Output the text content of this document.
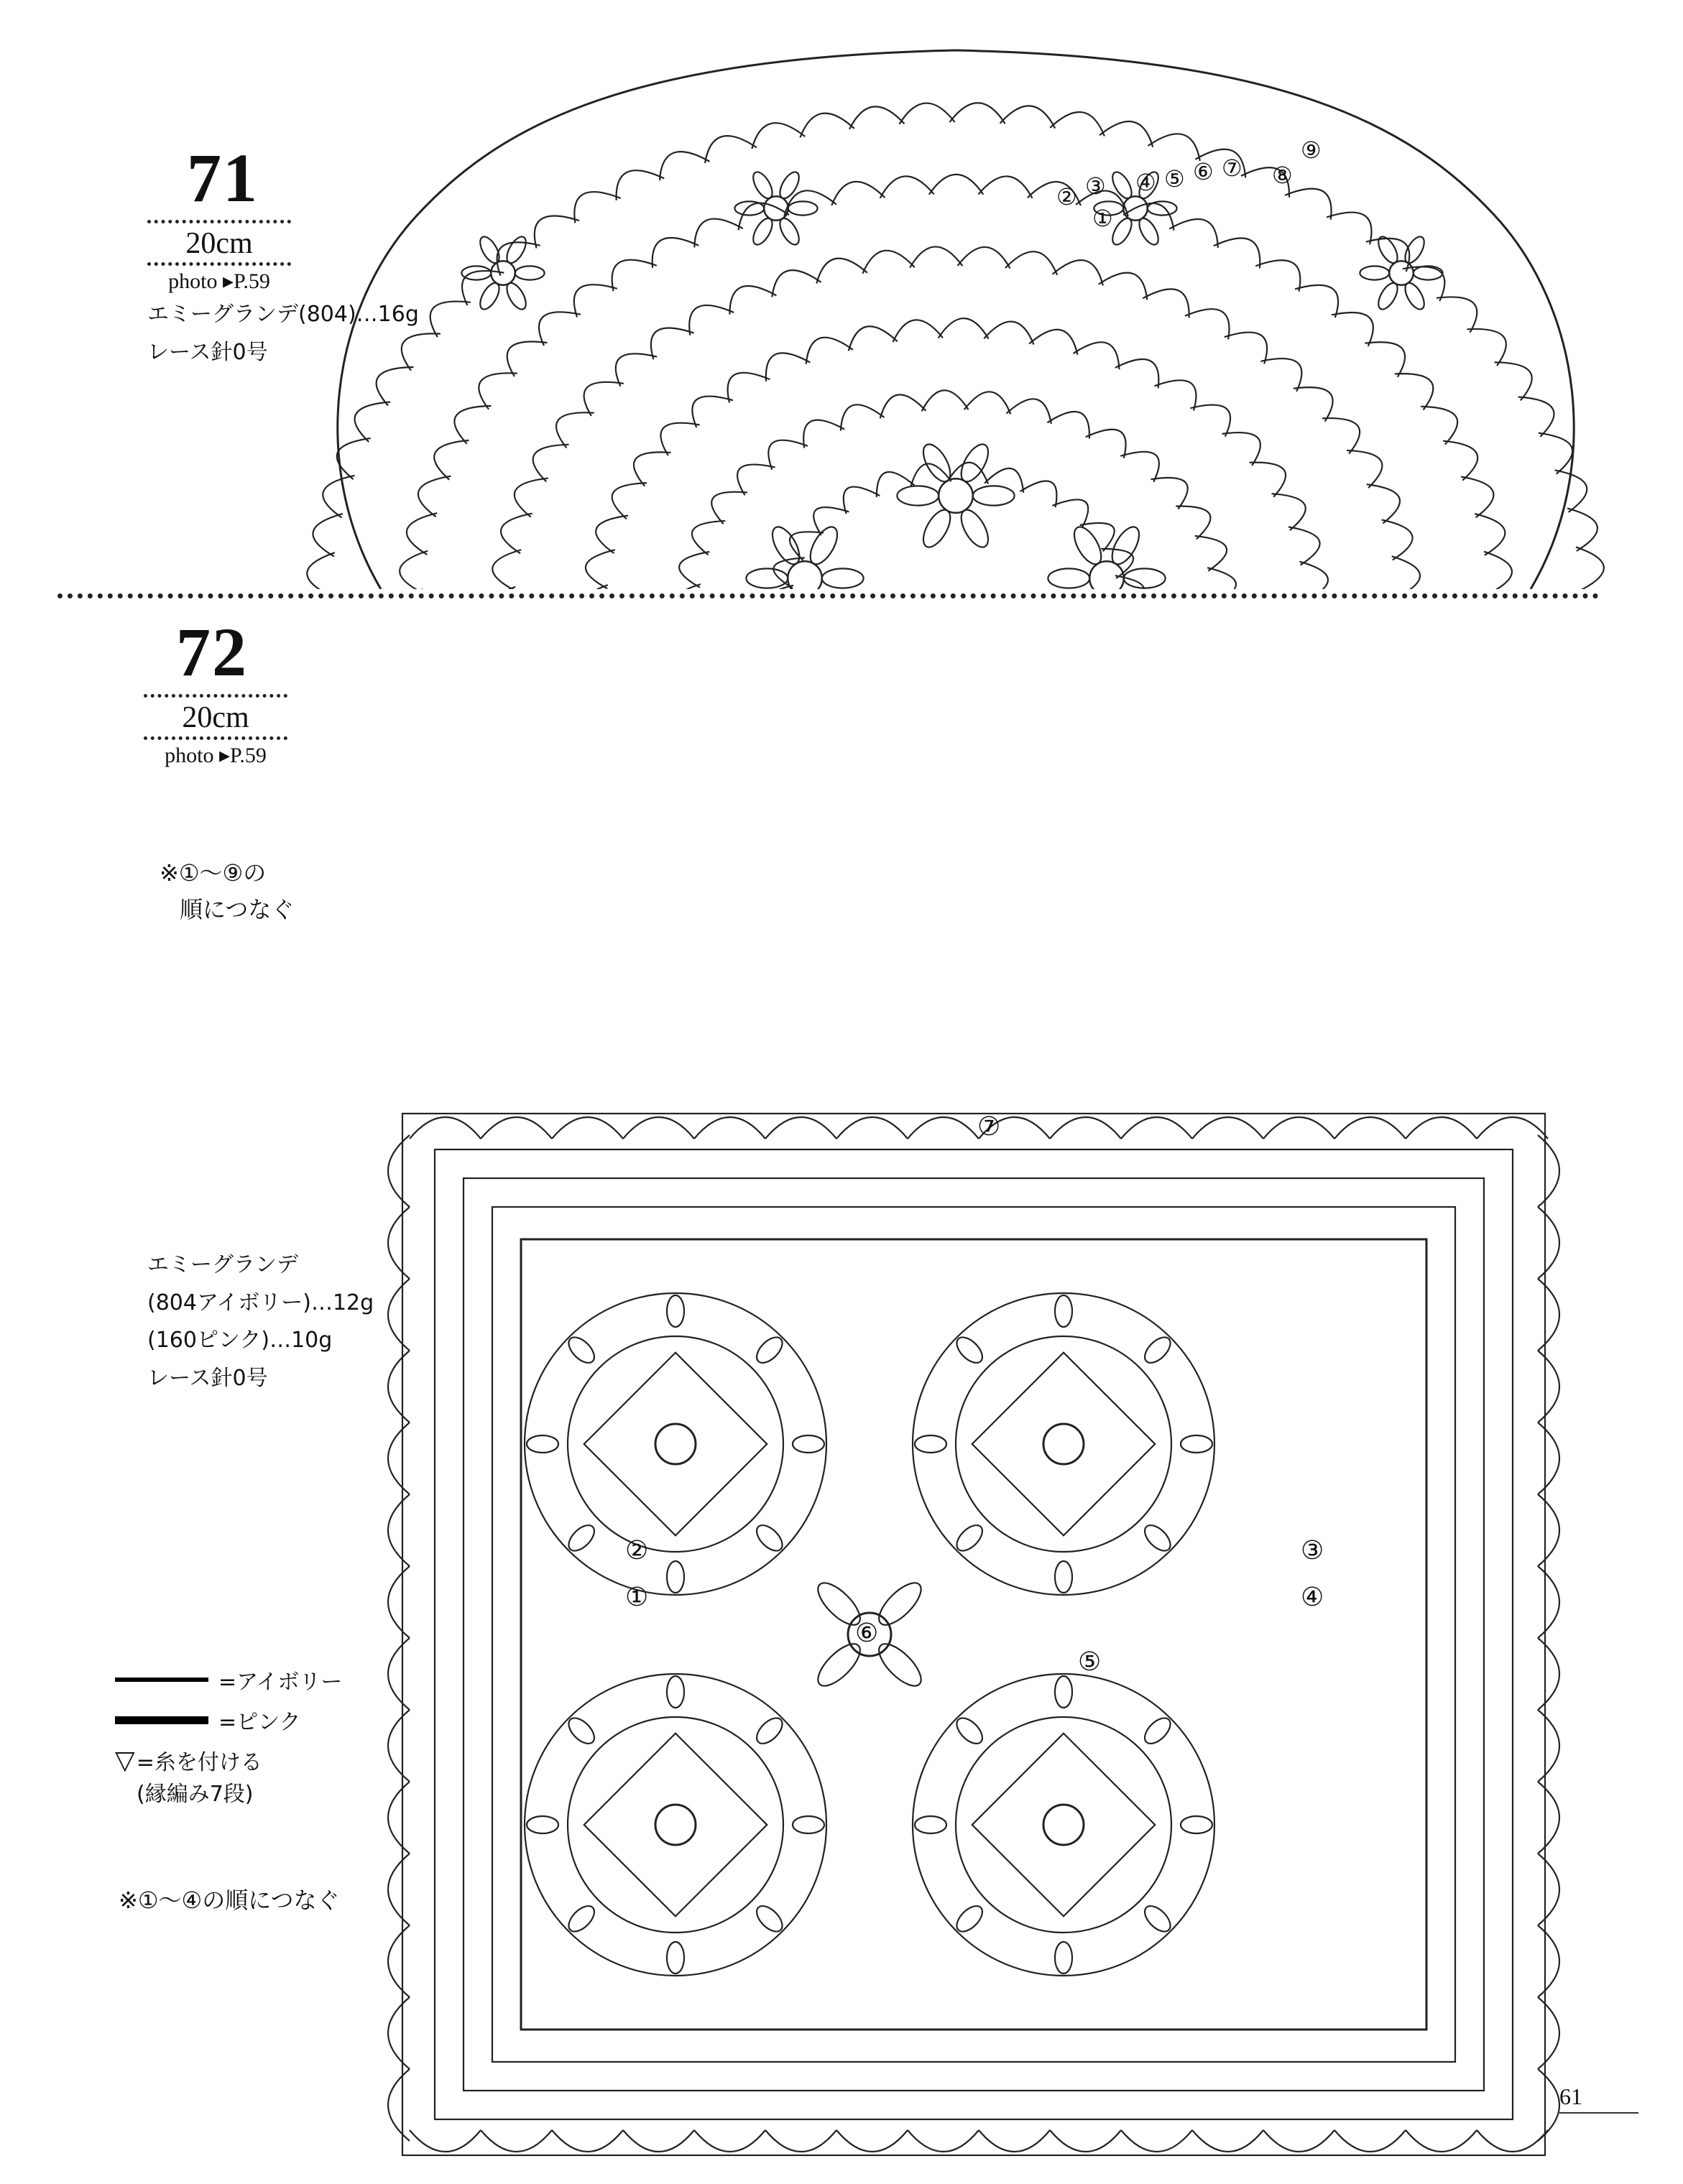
71
20cm
photo ▸P.59
エミーグランデ(804)…16g
レース針0号
※①〜⑨の
順につなぐ
①
② ③ ④ ⑤ ⑥ ⑦ ⑧
⑨
72
20cm
photo ▸P.59
エミーグランデ
(804アイボリー)…12g
(160ピンク)…10g
レース針0号
=アイボリー
=ピンク
▽ =糸を付ける
(縁編み7段)
※①〜④の順につなぐ
①
②	③
④
⑤
⑥
⑦
61
